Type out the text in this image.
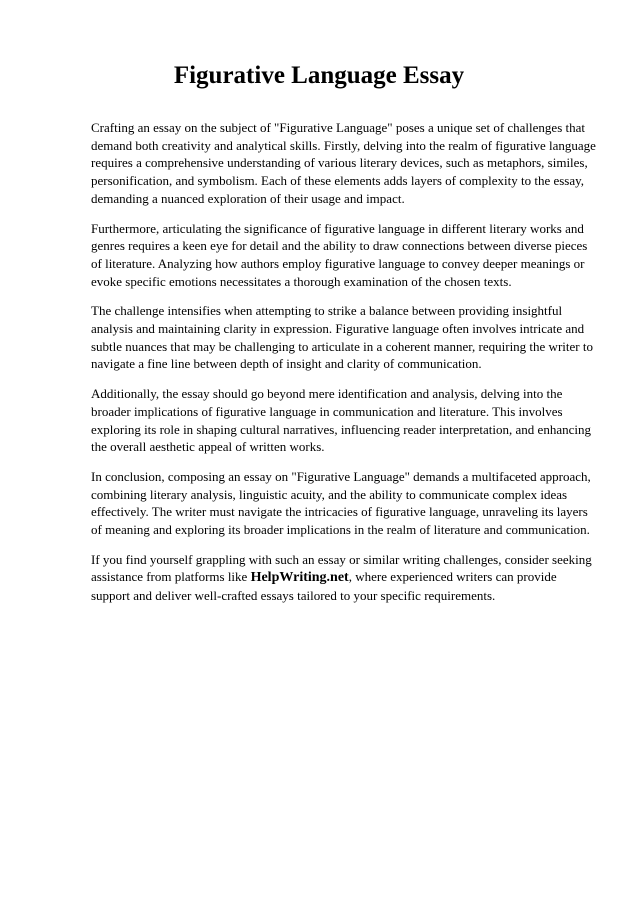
Figurative Language Essay

Crafting an essay on the subject of "Figurative Language" poses a unique set of challenges that demand both creativity and analytical skills. Firstly, delving into the realm of figurative language requires a comprehensive understanding of various literary devices, such as metaphors, similes, personification, and symbolism. Each of these elements adds layers of complexity to the essay, demanding a nuanced exploration of their usage and impact.

Furthermore, articulating the significance of figurative language in different literary works and genres requires a keen eye for detail and the ability to draw connections between diverse pieces of literature. Analyzing how authors employ figurative language to convey deeper meanings or evoke specific emotions necessitates a thorough examination of the chosen texts.

The challenge intensifies when attempting to strike a balance between providing insightful analysis and maintaining clarity in expression. Figurative language often involves intricate and subtle nuances that may be challenging to articulate in a coherent manner, requiring the writer to navigate a fine line between depth of insight and clarity of communication.

Additionally, the essay should go beyond mere identification and analysis, delving into the broader implications of figurative language in communication and literature. This involves exploring its role in shaping cultural narratives, influencing reader interpretation, and enhancing the overall aesthetic appeal of written works.

In conclusion, composing an essay on "Figurative Language" demands a multifaceted approach, combining literary analysis, linguistic acuity, and the ability to communicate complex ideas effectively. The writer must navigate the intricacies of figurative language, unraveling its layers of meaning and exploring its broader implications in the realm of literature and communication.

If you find yourself grappling with such an essay or similar writing challenges, consider seeking assistance from platforms like HelpWriting.net, where experienced writers can provide support and deliver well-crafted essays tailored to your specific requirements.
